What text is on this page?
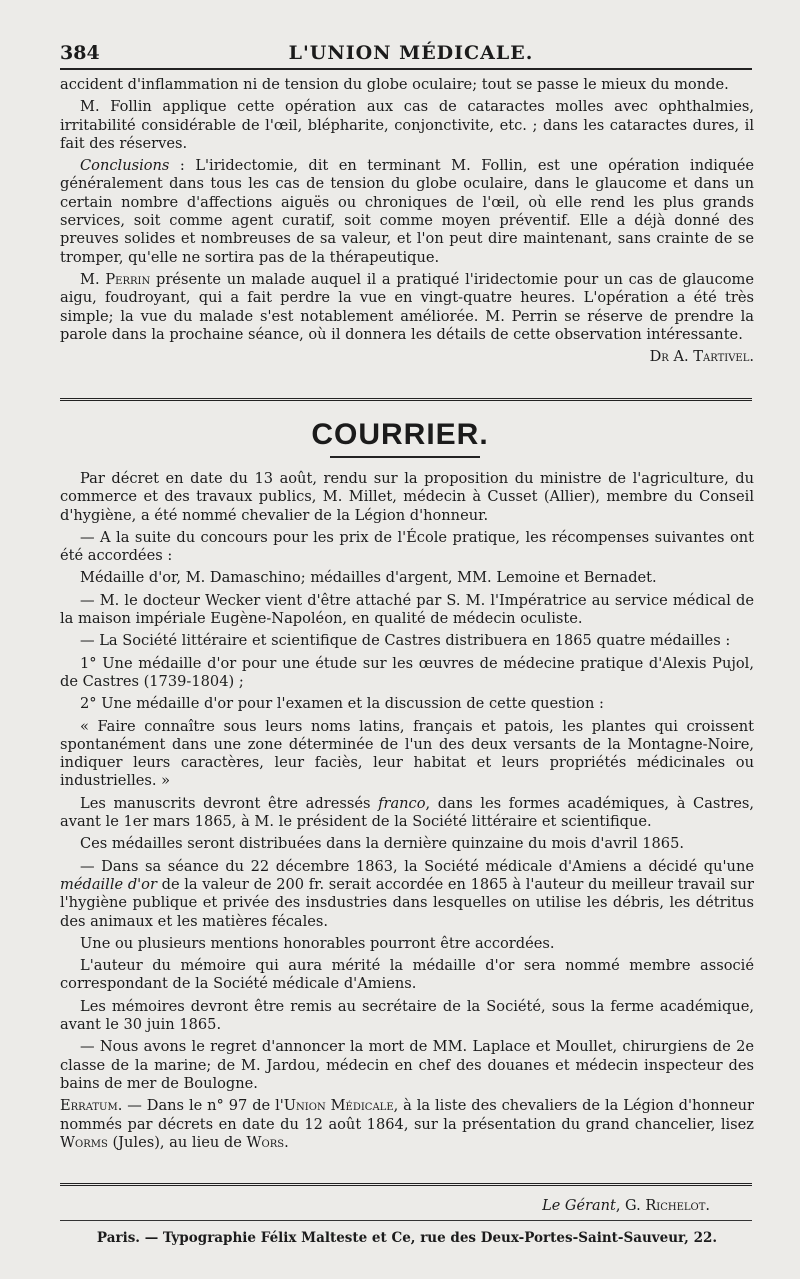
384	L'UNION MÉDICALE.

accident d'inflammation ni de tension du globe oculaire; tout se passe le mieux du monde.

M. Follin applique cette opération aux cas de cataractes molles avec ophthalmies, irritabilité considérable de l'œil, blépharite, conjonctivite, etc. ; dans les cataractes dures, il fait des réserves.

Conclusions : L'iridectomie, dit en terminant M. Follin, est une opération indiquée généralement dans tous les cas de tension du globe oculaire, dans le glaucome et dans un certain nombre d'affections aiguës ou chroniques de l'œil, où elle rend les plus grands services, soit comme agent curatif, soit comme moyen préventif. Elle a déjà donné des preuves solides et nombreuses de sa valeur, et l'on peut dire maintenant, sans crainte de se tromper, qu'elle ne sortira pas de la thérapeutique.

M. Perrin présente un malade auquel il a pratiqué l'iridectomie pour un cas de glaucome aigu, foudroyant, qui a fait perdre la vue en vingt-quatre heures. L'opération a été très simple; la vue du malade s'est notablement améliorée. M. Perrin se réserve de prendre la parole dans la prochaine séance, où il donnera les détails de cette observation intéressante.

Dr A. Tartivel.

COURRIER.

Par décret en date du 13 août, rendu sur la proposition du ministre de l'agriculture, du commerce et des travaux publics, M. Millet, médecin à Cusset (Allier), membre du Conseil d'hygiène, a été nommé chevalier de la Légion d'honneur.

— A la suite du concours pour les prix de l'École pratique, les récompenses suivantes ont été accordées :

Médaille d'or, M. Damaschino; médailles d'argent, MM. Lemoine et Bernadet.

— M. le docteur Wecker vient d'être attaché par S. M. l'Impératrice au service médical de la maison impériale Eugène-Napoléon, en qualité de médecin oculiste.

— La Société littéraire et scientifique de Castres distribuera en 1865 quatre médailles :

1° Une médaille d'or pour une étude sur les œuvres de médecine pratique d'Alexis Pujol, de Castres (1739-1804) ;

2° Une médaille d'or pour l'examen et la discussion de cette question :

« Faire connaître sous leurs noms latins, français et patois, les plantes qui croissent spontanément dans une zone déterminée de l'un des deux versants de la Montagne-Noire, indiquer leurs caractères, leur faciès, leur habitat et leurs propriétés médicinales ou industrielles. »

Les manuscrits devront être adressés franco, dans les formes académiques, à Castres, avant le 1er mars 1865, à M. le président de la Société littéraire et scientifique.

Ces médailles seront distribuées dans la dernière quinzaine du mois d'avril 1865.

— Dans sa séance du 22 décembre 1863, la Société médicale d'Amiens a décidé qu'une médaille d'or de la valeur de 200 fr. serait accordée en 1865 à l'auteur du meilleur travail sur l'hygiène publique et privée des insdustries dans lesquelles on utilise les débris, les détritus des animaux et les matières fécales.

Une ou plusieurs mentions honorables pourront être accordées.

L'auteur du mémoire qui aura mérité la médaille d'or sera nommé membre associé correspondant de la Société médicale d'Amiens.

Les mémoires devront être remis au secrétaire de la Société, sous la ferme académique, avant le 30 juin 1865.

— Nous avons le regret d'annoncer la mort de MM. Laplace et Moullet, chirurgiens de 2e classe de la marine; de M. Jardou, médecin en chef des douanes et médecin inspecteur des bains de mer de Boulogne.

Erratum. — Dans le n° 97 de l'Union Médicale, à la liste des chevaliers de la Légion d'honneur nommés par décrets en date du 12 août 1864, sur la présentation du grand chancelier, lisez Worms (Jules), au lieu de Wors.

Le Gérant, G. Richelot.
Paris. — Typographie Félix Malteste et Ce, rue des Deux-Portes-Saint-Sauveur, 22.
